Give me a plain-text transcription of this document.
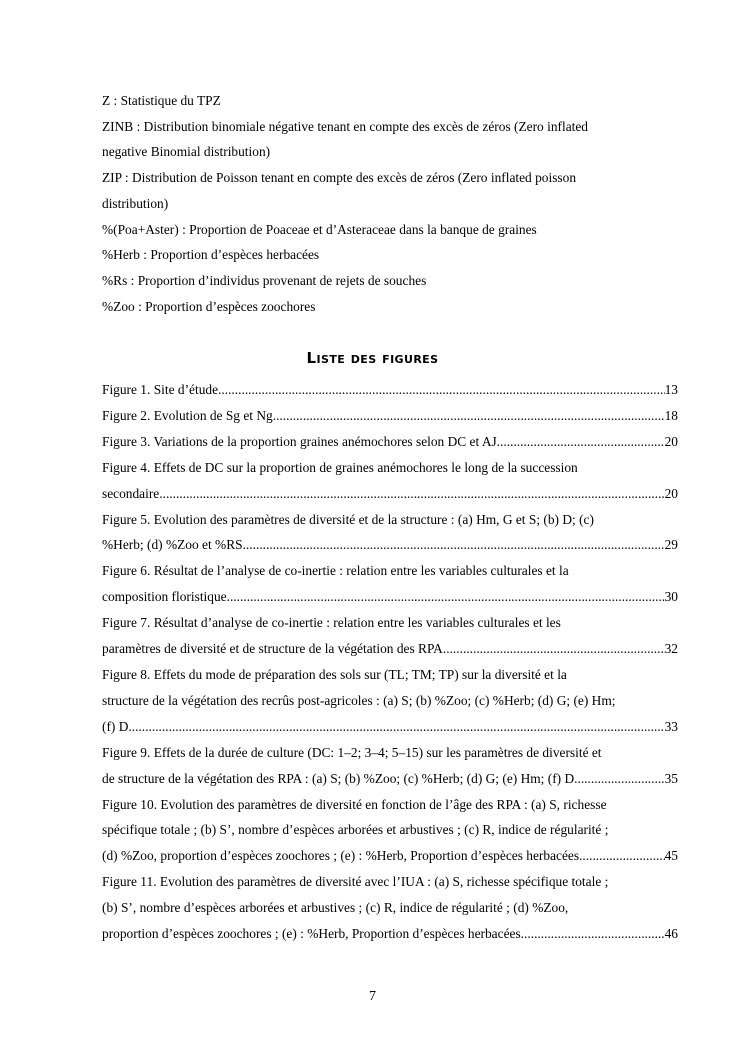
Z : Statistique du TPZ
ZINB : Distribution binomiale négative tenant en compte des excès de zéros (Zero inflated
negative Binomial distribution)
ZIP : Distribution de Poisson tenant en compte des excès de zéros (Zero inflated poisson
distribution)
%(Poa+Aster) : Proportion de Poaceae et d’Asteraceae dans la banque de graines
%Herb : Proportion d’espèces herbacées
%Rs : Proportion d’individus provenant de rejets de souches
%Zoo : Proportion d’espèces zoochores
Liste des figures
Figure 1. Site d’étude .....	13
Figure 2. Evolution de Sg et Ng .....	18
Figure 3. Variations de la proportion graines anémochores selon DC et AJ. .....	20
Figure 4. Effets de DC sur la proportion de graines anémochores le long de la succession
secondaire .....	20
Figure 5. Evolution des paramètres de diversité et de la structure : (a) Hm, G et S; (b) D; (c)
%Herb; (d) %Zoo et %RS. .....	29
Figure 6. Résultat de l’analyse de co-inertie : relation entre les variables culturales et la
composition floristique .....	30
Figure 7. Résultat d’analyse de co-inertie : relation entre les variables culturales et les
paramètres de diversité et de structure de la végétation des RPA. .....	32
Figure 8. Effets du mode de préparation des sols sur (TL; TM; TP) sur la diversité et la
structure de la végétation des recrûs post-agricoles : (a) S; (b) %Zoo; (c) %Herb; (d) G; (e) Hm;
(f) D .....	33
Figure 9. Effets de la durée de culture (DC: 1–2; 3–4; 5–15) sur les paramètres de diversité et
de structure de la végétation des RPA : (a) S; (b) %Zoo; (c) %Herb; (d) G; (e) Hm; (f) D. .....	35
Figure 10. Evolution des paramètres de diversité en fonction de l’âge des RPA : (a) S, richesse
spécifique totale ; (b) S’, nombre d’espèces arborées et arbustives ; (c) R, indice de régularité ;
(d) %Zoo, proportion d’espèces zoochores ; (e) : %Herb, Proportion d’espèces herbacées .....	45
Figure 11. Evolution des paramètres de diversité avec l’IUA : (a) S, richesse spécifique totale ;
(b) S’, nombre d’espèces arborées et arbustives ; (c) R, indice de régularité ; (d) %Zoo,
proportion d’espèces zoochores ; (e) : %Herb, Proportion d’espèces herbacées .....	46
7
